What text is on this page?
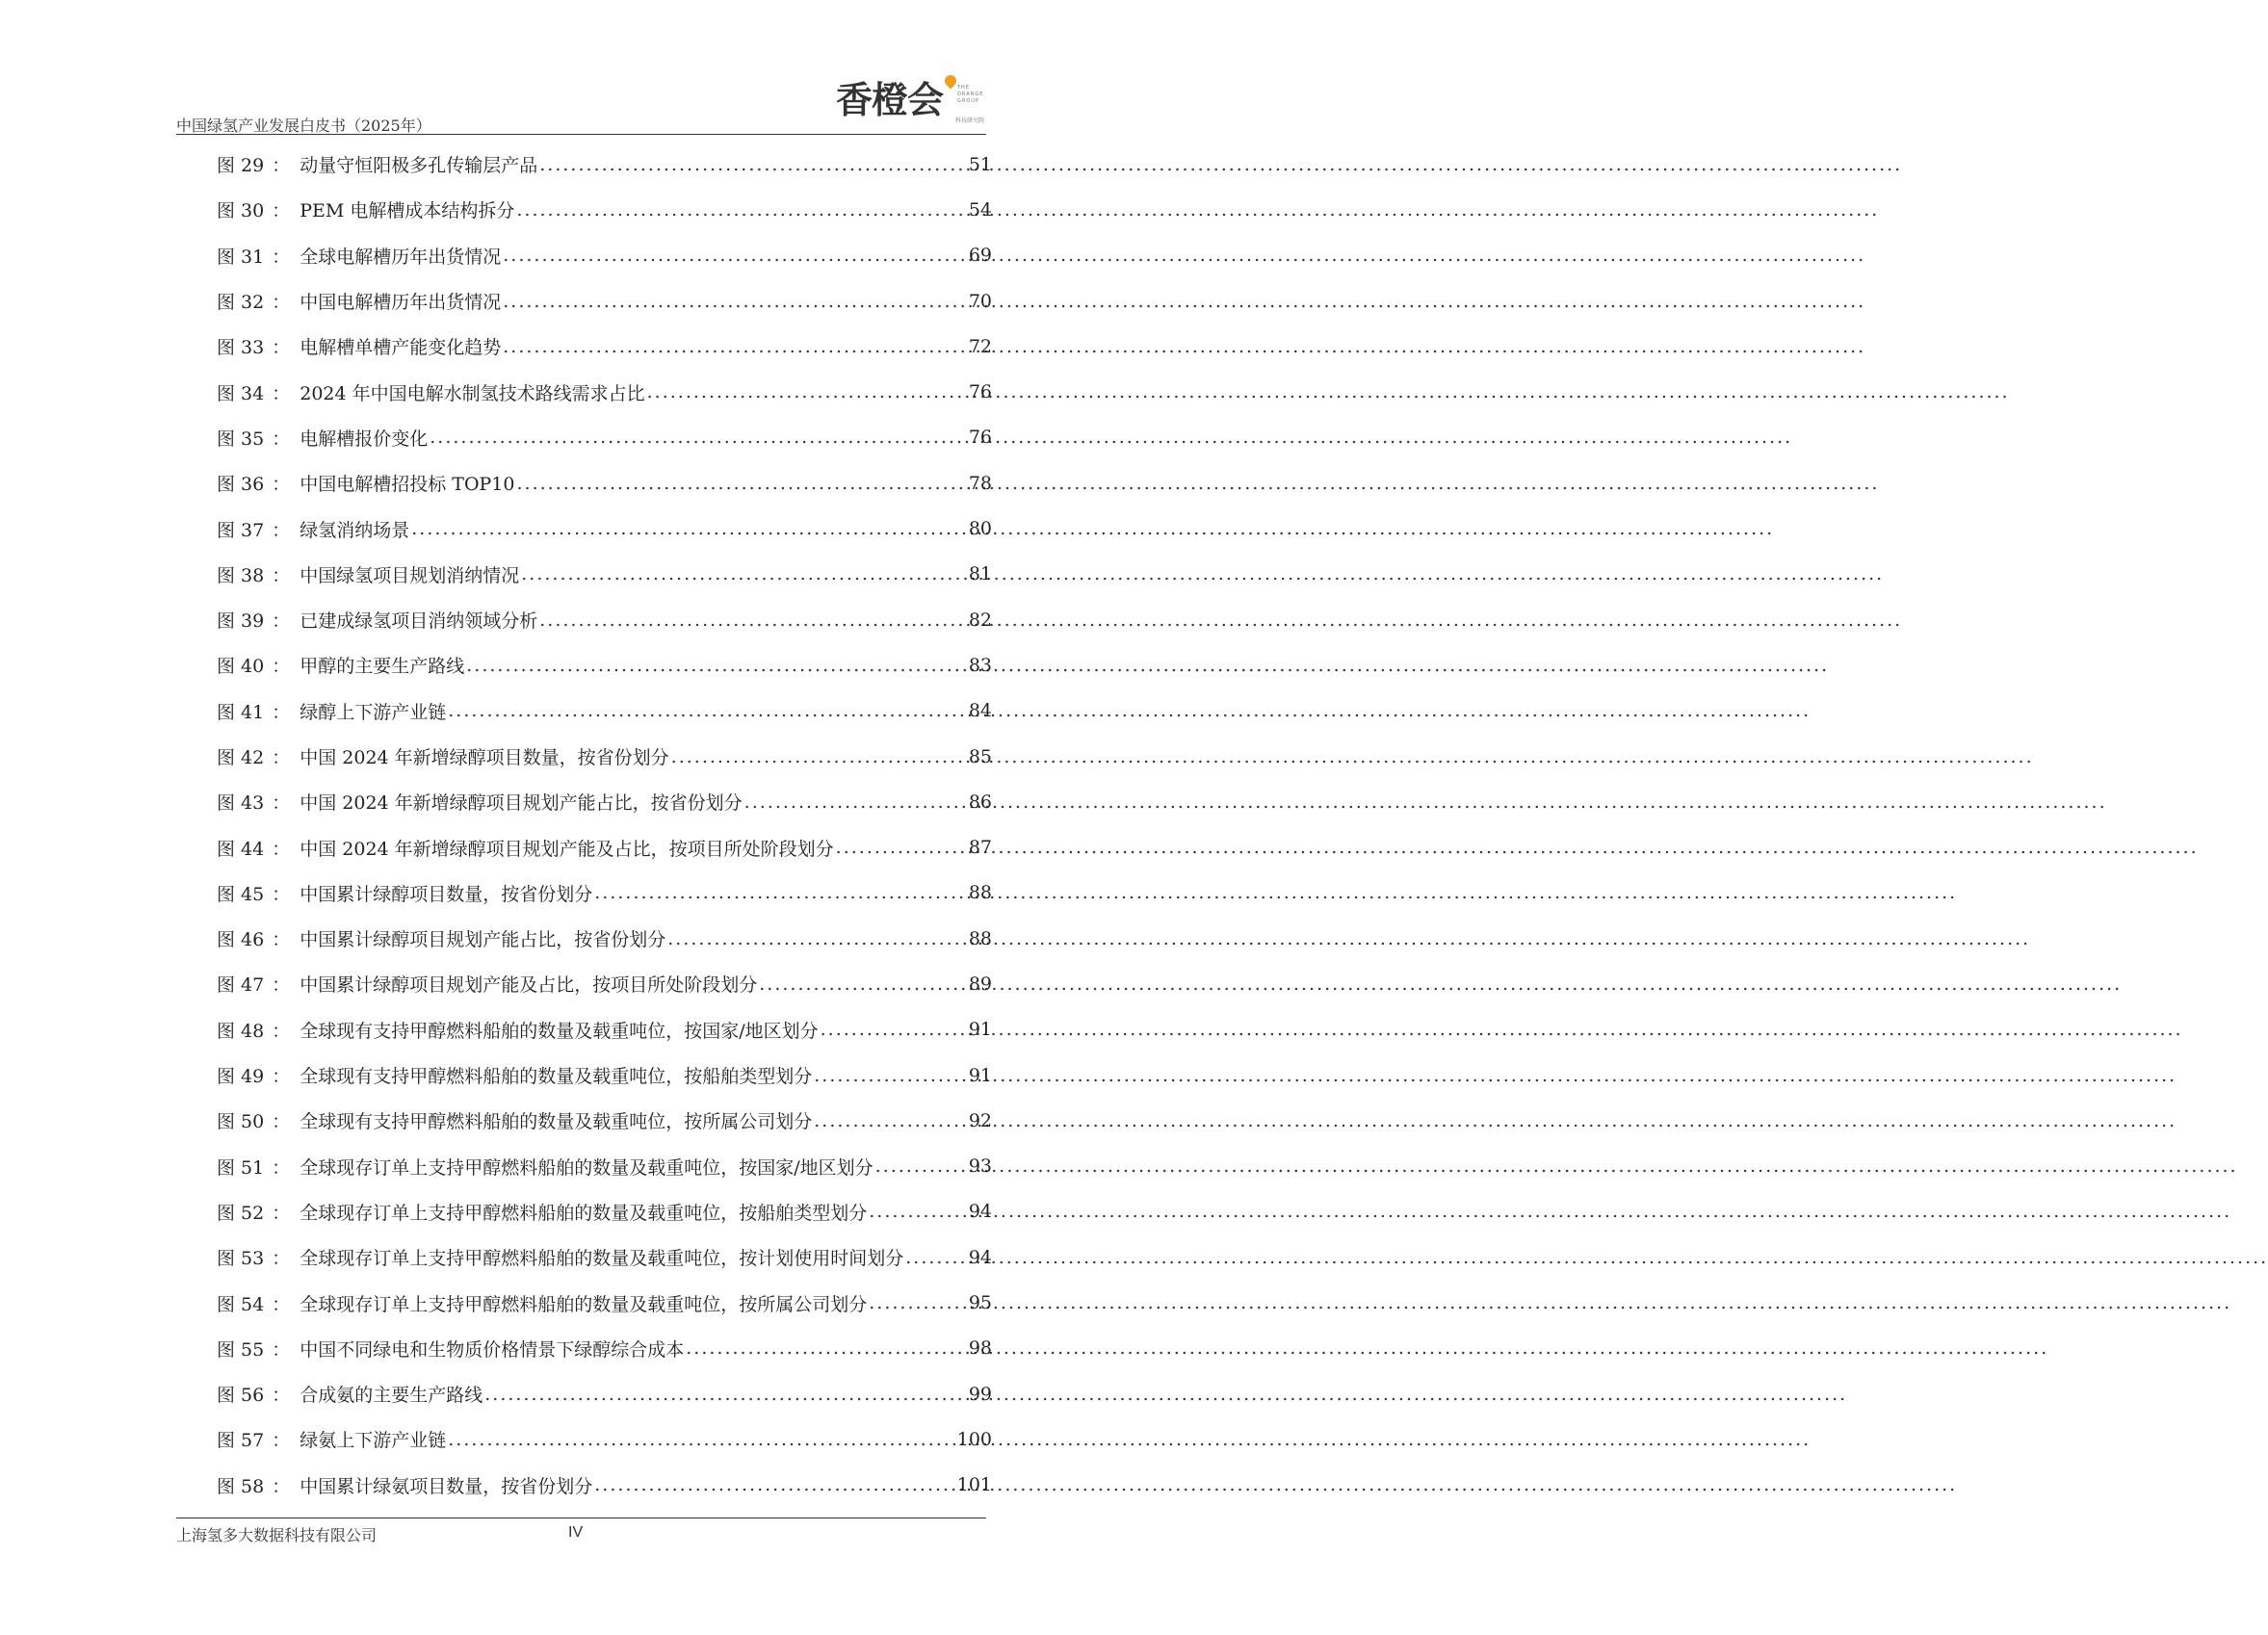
中国绿氢产业发展白皮书（2025年）
香橙会	THE ORANGE GROUP
科技研究院
图 29 ： 动量守恒阳极多孔传输层产品 .....	51
图 30 ： PEM 电解槽成本结构拆分 .....	54
图 31 ： 全球电解槽历年出货情况 .....	69
图 32 ： 中国电解槽历年出货情况 .....	70
图 33 ： 电解槽单槽产能变化趋势 .....	72
图 34 ： 2024 年中国电解水制氢技术路线需求占比 .....	76
图 35 ： 电解槽报价变化 .....	76
图 36 ： 中国电解槽招投标 TOP10 .....	78
图 37 ： 绿氢消纳场景 .....	80
图 38 ： 中国绿氢项目规划消纳情况 .....	81
图 39 ： 已建成绿氢项目消纳领域分析 .....	82
图 40 ： 甲醇的主要生产路线 .....	83
图 41 ： 绿醇上下游产业链 .....	84
图 42 ： 中国 2024 年新增绿醇项目数量，按省份划分 .....	85
图 43 ： 中国 2024 年新增绿醇项目规划产能占比，按省份划分 .....	86
图 44 ： 中国 2024 年新增绿醇项目规划产能及占比，按项目所处阶段划分 .....	87
图 45 ： 中国累计绿醇项目数量，按省份划分 .....	88
图 46 ： 中国累计绿醇项目规划产能占比，按省份划分 .....	88
图 47 ： 中国累计绿醇项目规划产能及占比，按项目所处阶段划分 .....	89
图 48 ： 全球现有支持甲醇燃料船舶的数量及载重吨位，按国家/地区划分 .....	91
图 49 ： 全球现有支持甲醇燃料船舶的数量及载重吨位，按船舶类型划分 .....	91
图 50 ： 全球现有支持甲醇燃料船舶的数量及载重吨位，按所属公司划分 .....	92
图 51 ： 全球现存订单上支持甲醇燃料船舶的数量及载重吨位，按国家/地区划分 .....	93
图 52 ： 全球现存订单上支持甲醇燃料船舶的数量及载重吨位，按船舶类型划分 .....	94
图 53 ： 全球现存订单上支持甲醇燃料船舶的数量及载重吨位，按计划使用时间划分 .....	94
图 54 ： 全球现存订单上支持甲醇燃料船舶的数量及载重吨位，按所属公司划分 .....	95
图 55 ： 中国不同绿电和生物质价格情景下绿醇综合成本 .....	98
图 56 ： 合成氨的主要生产路线 .....	99
图 57 ： 绿氨上下游产业链 .....	100
图 58 ： 中国累计绿氨项目数量，按省份划分 .....	101
上海氢多大数据科技有限公司	IV
